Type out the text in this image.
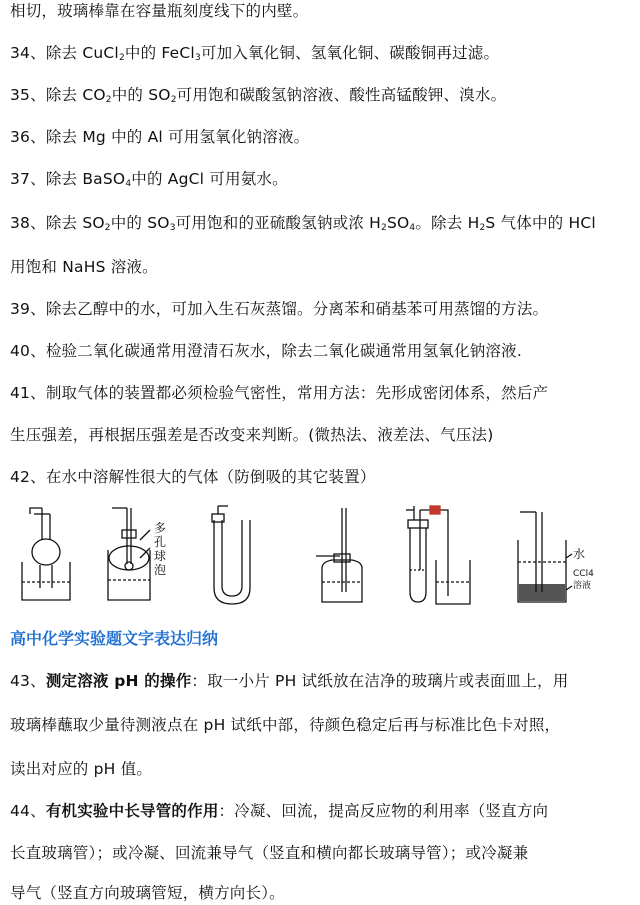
相切，玻璃棒靠在容量瓶刻度线下的内壁。
34、除去 CuCl$_2$中的 FeCl$_3$可加入氧化铜、氢氧化铜、碳酸铜再过滤。
35、除去 $CO_2$中的 $SO_2$可用饱和碳酸氢钠溶液、酸性高锰酸钾、溴水。
36、除去 Mg 中的 Al 可用氢氧化钠溶液。
37、除去 BaSO$_4$中的 AgCl 可用氨水。
38、除去 $SO_2$中的 $SO_3$可用饱和的亚硫酸氢钠或浓 $H_2SO_4$。除去 $H_2S$ 气体中的 HCl
用饱和 NaHS 溶液。
39、除去乙醇中的水，可加入生石灰蒸馏。分离苯和硝基苯可用蒸馏的方法。
40、检验二氧化碳通常用澄清石灰水，除去二氧化碳通常用氢氧化钠溶液.
41、制取气体的装置都必须检验气密性，常用方法：先形成密闭体系，然后产
生压强差，再根据压强差是否改变来判断。(微热法、液差法、气压法)
42、在水中溶解性很大的气体（防倒吸的其它装置）
多
孔
球
泡
水
CCl4
溶液
高中化学实验题文字表达归纳
43、测定溶液 pH 的操作：取一小片 PH 试纸放在洁净的玻璃片或表面皿上，用
玻璃棒蘸取少量待测液点在 pH 试纸中部，待颜色稳定后再与标准比色卡对照，
读出对应的 pH 值。
44、有机实验中长导管的作用：冷凝、回流，提高反应物的利用率（竖直方向
长直玻璃管）；或冷凝、回流兼导气（竖直和横向都长玻璃导管）；或冷凝兼
导气（竖直方向玻璃管短，横方向长）。
